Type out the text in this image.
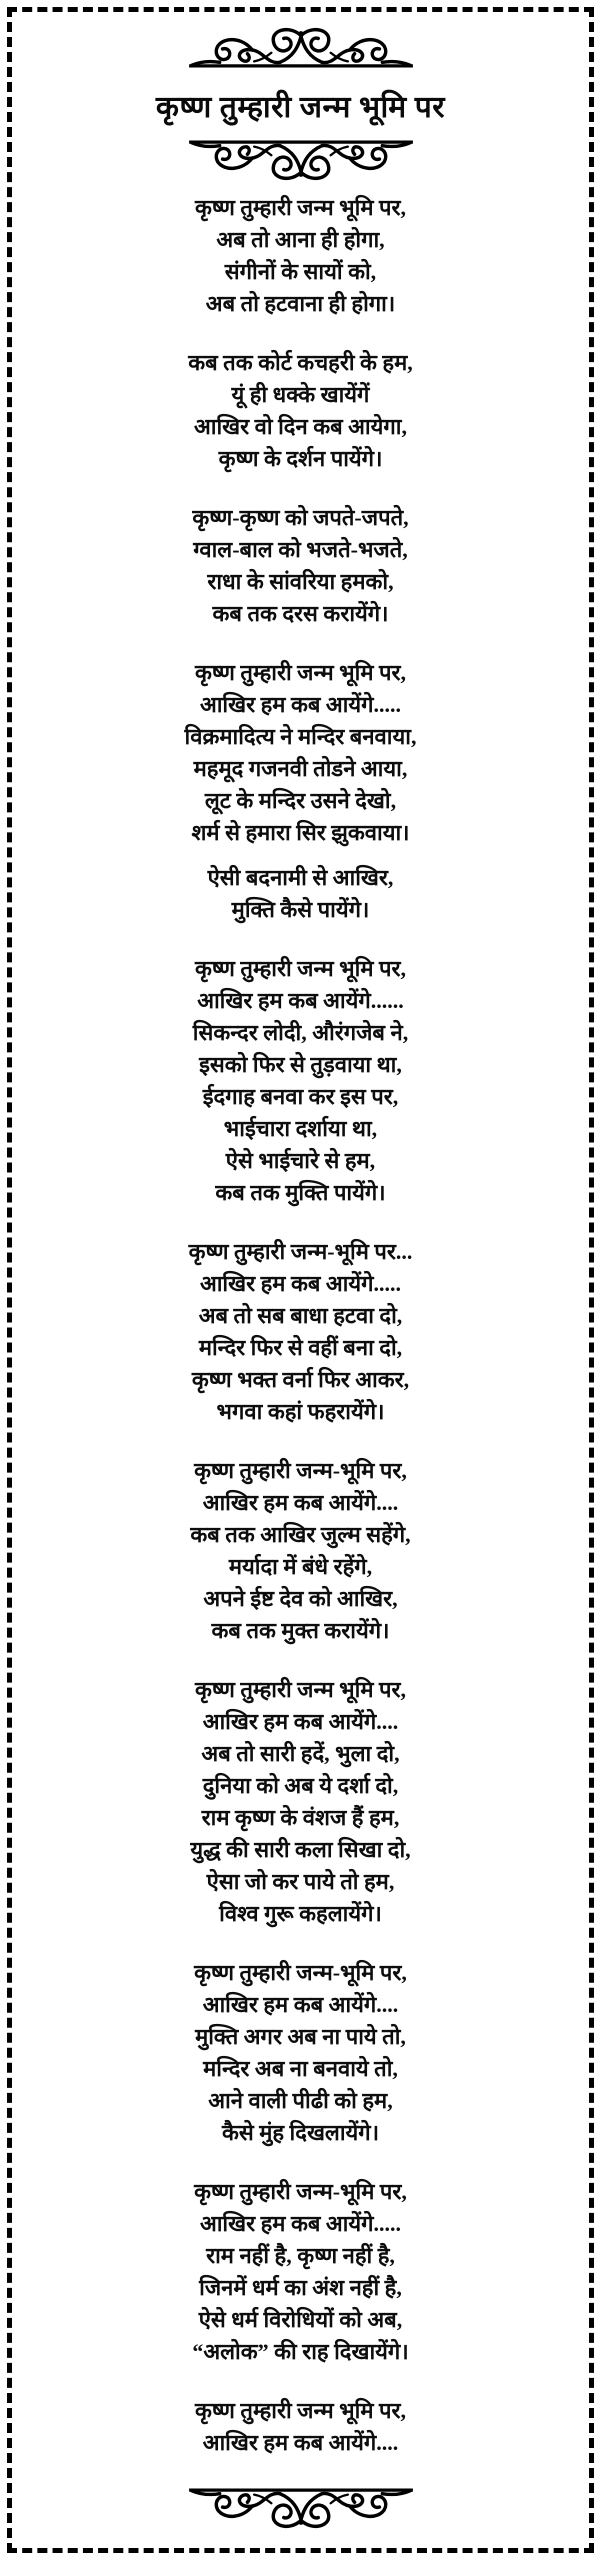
कृष्ण तुम्हारी जन्म भूमि पर

कृष्ण तुम्हारी जन्म भूमि पर,

अब तो आना ही होगा,

संगीनों के सायों को,

अब तो हटवाना ही होगा।

कब तक कोर्ट कचहरी के हम,

यूं ही धक्के खायेंगें

आखिर वो दिन कब आयेगा,

कृष्ण के दर्शन पायेंगे।

कृष्ण-कृष्ण को जपते-जपते,

ग्वाल-बाल को भजते-भजते,

राधा के सांवरिया हमको,

कब तक दरस करायेंगे।

कृष्ण तुम्हारी जन्म भूमि पर,

आखिर हम कब आयेंगे.....

विक्रमादित्य ने मन्दिर बनवाया,

महमूद गजनवी तोडने आया,

लूट के मन्दिर उसने देखो,

शर्म से हमारा सिर झुकवाया।

ऐसी बदनामी से आखिर,

मुक्ति कैसे पायेंगे।

कृष्ण तुम्हारी जन्म भूमि पर,

आखिर हम कब आयेंगे......

सिकन्दर लोदी, औरंगजेब ने,

इसको फिर से तुड़वाया था,

ईदगाह बनवा कर इस पर,

भाईचारा दर्शाया था,

ऐसे भाईचारे से हम,

कब तक मुक्ति पायेंगे।

कृष्ण तुम्हारी जन्म-भूमि पर...

आखिर हम कब आयेंगे.....

अब तो सब बाधा हटवा दो,

मन्दिर फिर से वहीं बना दो,

कृष्ण भक्त वर्ना फिर आकर,

भगवा कहां फहरायेंगे।

कृष्ण तुम्हारी जन्म-भूमि पर,

आखिर हम कब आयेंगे....

कब तक आखिर जुल्म सहेंगे,

मर्यादा में बंधे रहेंगे,

अपने ईष्ट देव को आखिर,

कब तक मुक्त करायेंगे।

कृष्ण तुम्हारी जन्म भूमि पर,

आखिर हम कब आयेंगे....

अब तो सारी हदें, भुला दो,

दुनिया को अब ये दर्शा दो,

राम कृष्ण के वंशज हैं हम,

युद्ध की सारी कला सिखा दो,

ऐसा जो कर पाये तो हम,

विश्व गुरू कहलायेंगे।

कृष्ण तुम्हारी जन्म-भूमि पर,

आखिर हम कब आयेंगे....

मुक्ति अगर अब ना पाये तो,

मन्दिर अब ना बनवाये तो,

आने वाली पीढी को हम,

कैसे मुंह दिखलायेंगे।

कृष्ण तुम्हारी जन्म-भूमि पर,

आखिर हम कब आयेंगे.....

राम नहीं है, कृष्ण नहीं है,

जिनमें धर्म का अंश नहीं है,

ऐसे धर्म विरोधियों को अब,

“अलोक” की राह दिखायेंगे।

कृष्ण तुम्हारी जन्म भूमि पर,

आखिर हम कब आयेंगे....
